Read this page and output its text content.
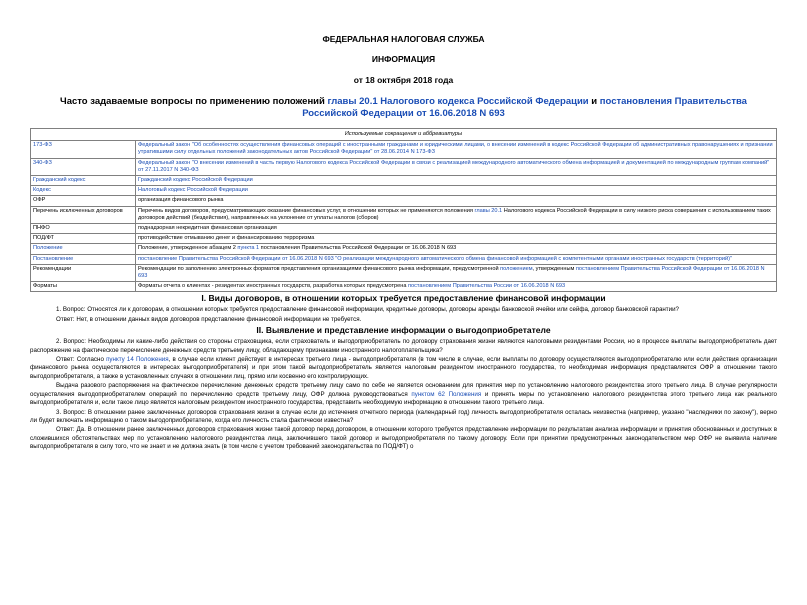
ФЕДЕРАЛЬНАЯ НАЛОГОВАЯ СЛУЖБА
ИНФОРМАЦИЯ
от 18 октября 2018 года
Часто задаваемые вопросы по применению положений главы 20.1 Налогового кодекса Российской Федерации и постановления Правительства Российской Федерации от 16.06.2018 N 693
Используемые сокращения и аббревиатуры	
173-ФЗ	Федеральный закон "Об особенностях осуществления финансовых операций с иностранными гражданами и юридическими лицами, о внесении изменений в кодекс Российской Федерации об административных правонарушениях и признании утратившими силу отдельных положений законодательных актов Российской Федерации" от 28.06.2014 N 173-ФЗ
340-ФЗ	Федеральный закон "О внесении изменений в часть первую Налогового кодекса Российской Федерации в связи с реализацией международного автоматического обмена информацией и документацией по международным группам компаний" от 27.11.2017 N 340-ФЗ
Гражданский кодекс	Гражданский кодекс Российской Федерации
Кодекс	Налоговый кодекс Российской Федерации
ОФР	организация финансового рынка
Перечень исключенных договоров	Перечень видов договоров, предусматривающих оказание финансовых услуг, в отношении которых не применяются положения главы 20.1 Налогового кодекса Российской Федерации в силу низкого риска совершения с использованием таких договоров действий (бездействия), направленных на уклонение от уплаты налогов (сборов)
ПНФО	поднадзорная некредитная финансовая организация
ПОД/ФТ	противодействие отмыванию денег и финансированию терроризма
Положение	Положение, утвержденное абзацем 2 пункта 1 постановления Правительства Российской Федерации от 16.06.2018 N 693
Постановление	постановление Правительства Российской Федерации от 16.06.2018 N 693 "О реализации международного автоматического обмена финансовой информацией с компетентными органами иностранных государств (территорий)"
Рекомендации	Рекомендации по заполнению электронных форматов представления организациями финансового рынка информации, предусмотренной положением, утвержденным постановлением Правительства Российской Федерации от 16.06.2018 N 693
Форматы	Форматы отчета о клиентах - резидентах иностранных государств, разработка которых предусмотрена постановлением Правительства России от 16.06.2018 N 693
I. Виды договоров, в отношении которых требуется предоставление финансовой информации

1. Вопрос: Относятся ли к договорам, в отношении которых требуется предоставление финансовой информации, кредитные договоры, договоры аренды банковской ячейки или сейфа, договор банковской гарантии?

Ответ: Нет, в отношении данных видов договоров представление финансовой информации не требуется.

II. Выявление и представление информации о выгодоприобретателе

2. Вопрос: Необходимы ли какие-либо действия со стороны страховщика, если страхователь и выгодоприобретатель по договору страхования жизни являются налоговыми резидентами России, но в процессе выплаты выгодоприобретатель дает распоряжение на фактическое перечисление денежных средств третьему лицу, обладающему признаками иностранного налогоплательщика?

Ответ: Согласно пункту 14 Положения, в случае если клиент действует в интересах третьего лица - выгодоприобретателя (в том числе в случае, если выплаты по договору осуществляются выгодоприобретателю или если действия организации финансового рынка осуществляются в интересах выгодоприобретателя) и при этом такой выгодоприобретатель является налоговым резидентом иностранного государства, то необходимая информация представляется ОФР в отношении такого выгодоприобретателя, а также в установленных случаях в отношении лиц, прямо или косвенно его контролирующих.

Выдача разового распоряжения на фактическое перечисление денежных средств третьему лицу само по себе не является основанием для принятия мер по установлению налогового резидентства этого третьего лица. В случае регулярности осуществления выгодоприобретателем операций по перечислению средств третьему лицу, ОФР должна руководствоваться пунктом 62 Положения и принять меры по установлению налогового резидентства этого третьего лица как реального выгодоприобретателя и, если такое лицо является налоговым резидентом иностранного государства, представить необходимую информацию в отношении такого третьего лица.

3. Вопрос: В отношении ранее заключенных договоров страхования жизни в случае если до истечения отчетного периода (календарный год) личность выгодоприобретателя осталась неизвестна (например, указано "наследники по закону"), верно ли будет включать информацию о таком выгодоприобретателе, когда его личность стала фактически известна?

Ответ: Да. В отношении ранее заключенных договоров страхования жизни такой договор перед договором, в отношении которого требуется представление информации по результатам анализа информации и принятия обоснованных и доступных в сложившихся обстоятельствах мер по установлению налогового резидентства лица, заключившего такой договор и выгодоприобретателя по такому договору. Если при принятии предусмотренных законодательством мер ОФР не выявила наличие выгодоприобретателя в силу того, что не знает и не должна знать (в том числе с учетом требований законодательства по ПОД/ФТ) о
